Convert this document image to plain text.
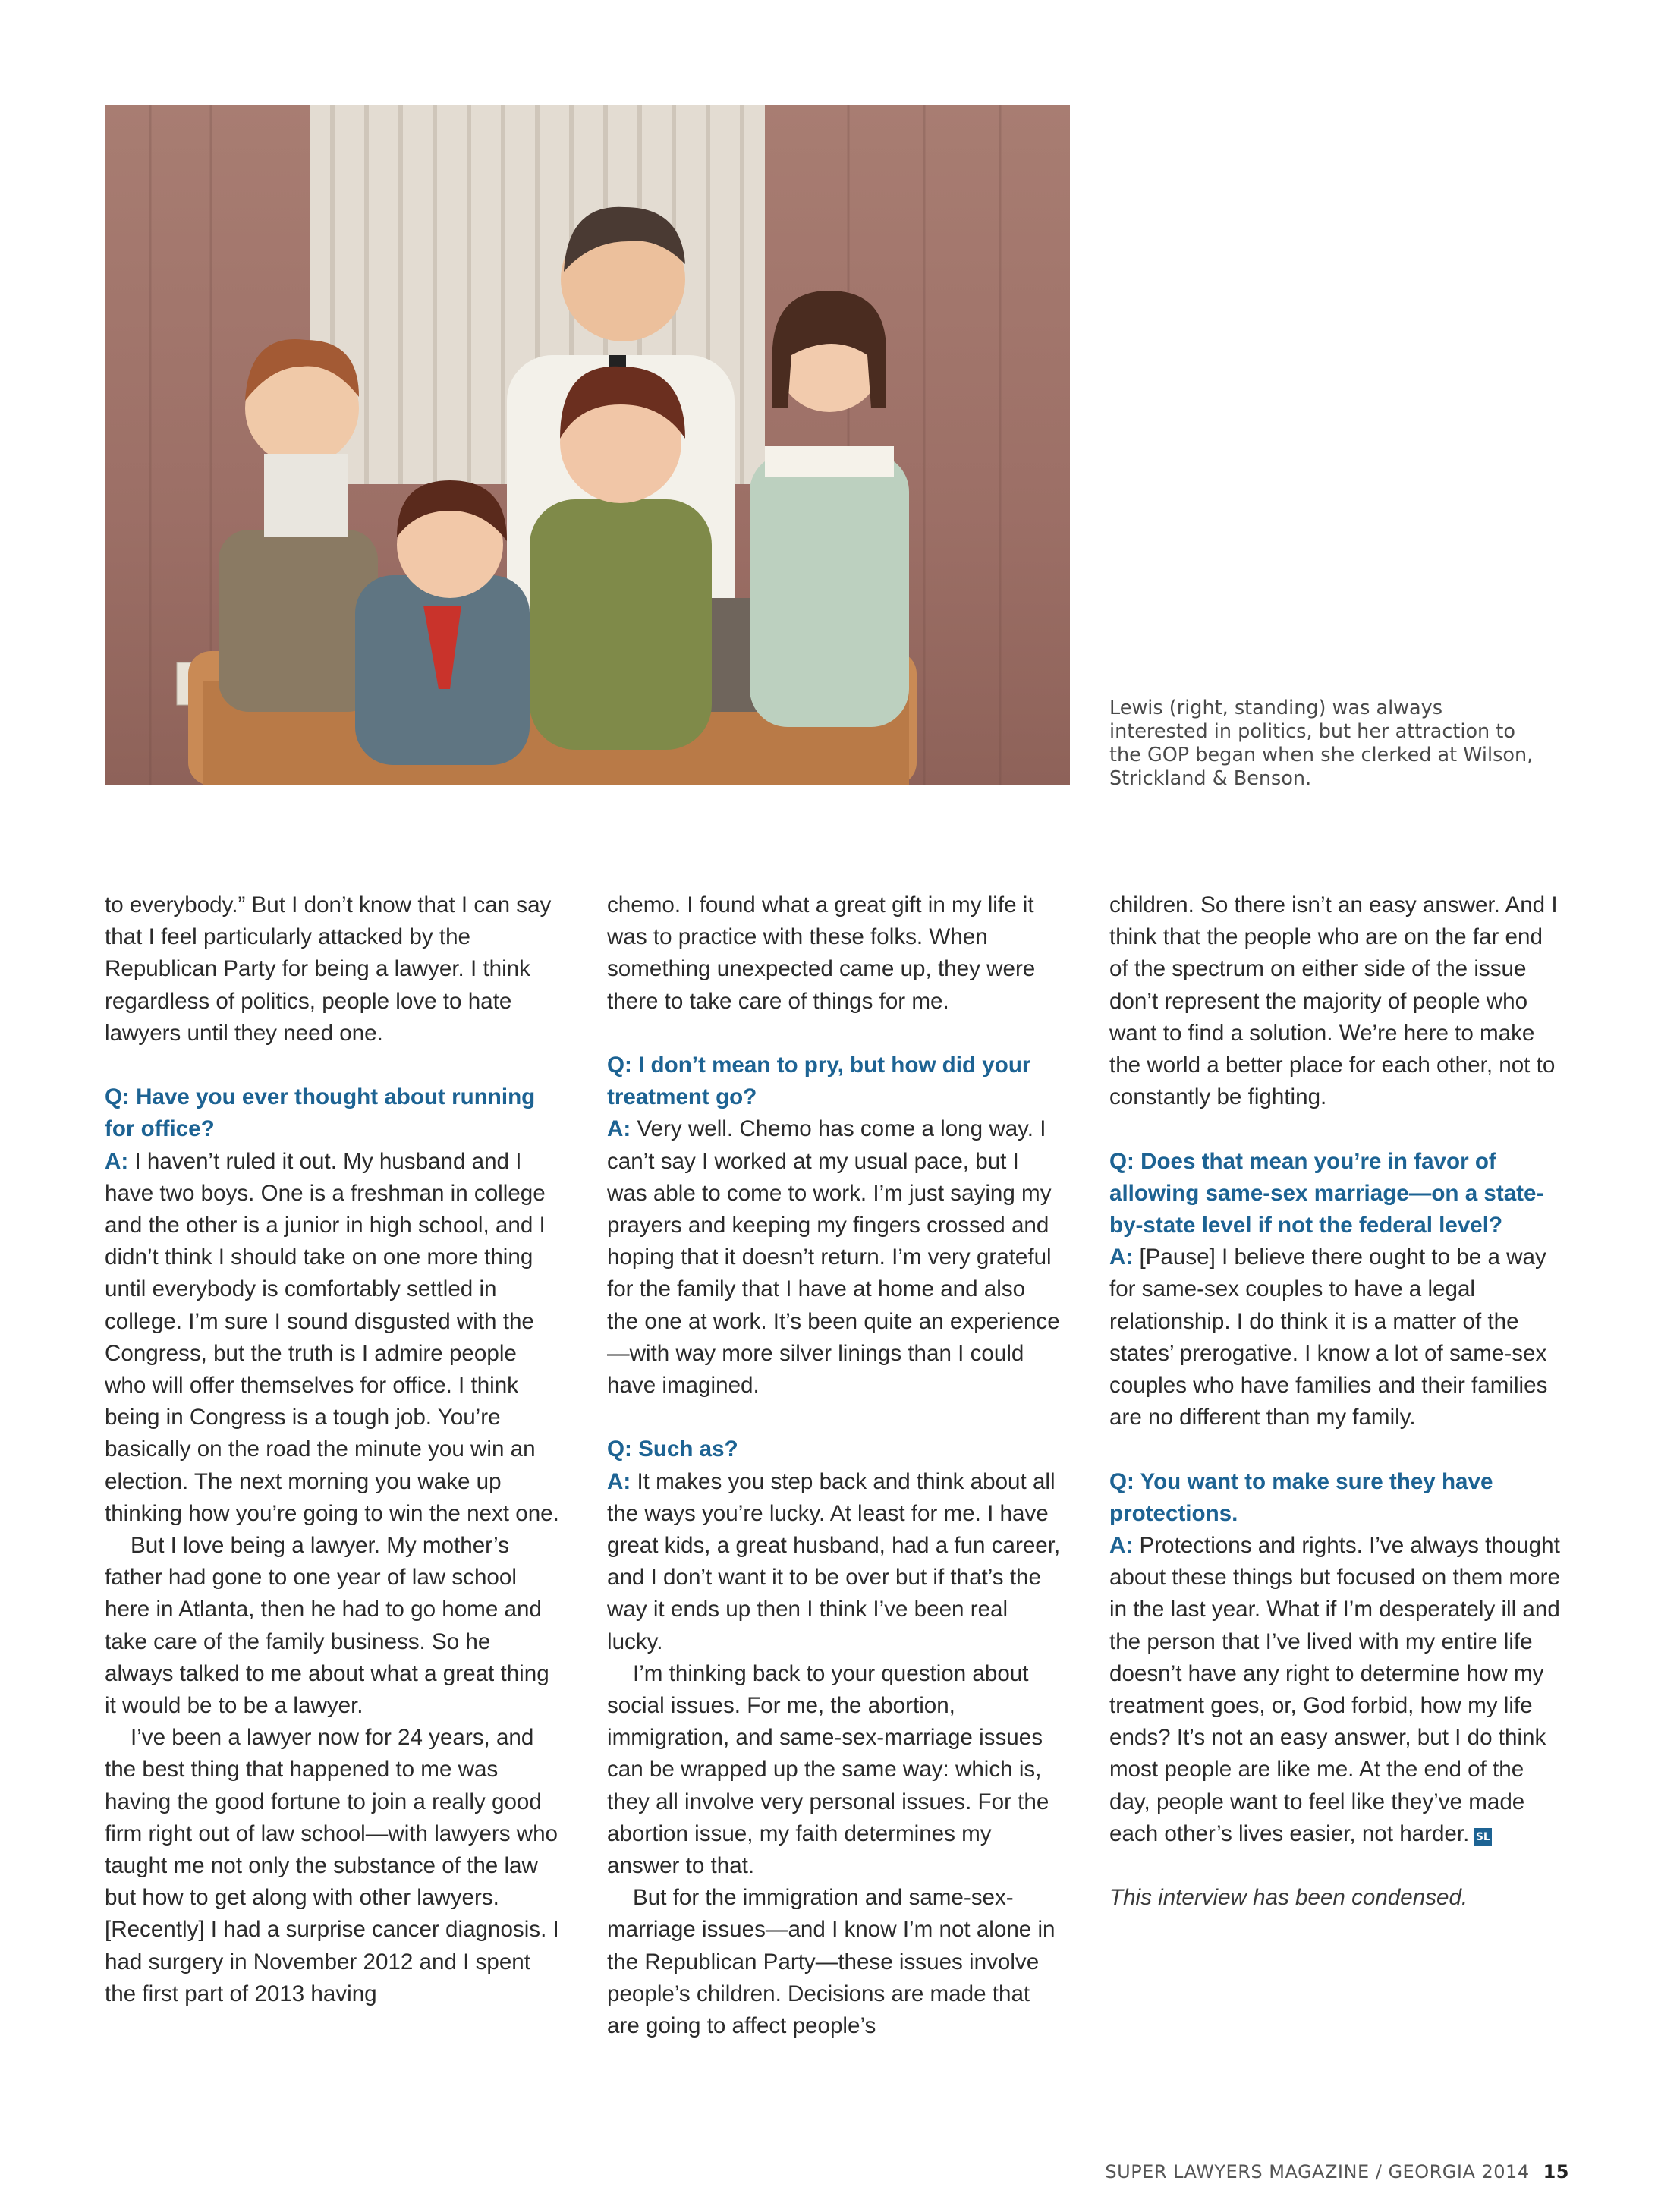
Lewis (right, standing) was always interested in politics, but her attraction to the GOP began when she clerked at Wilson, Strickland & Benson.

to everybody.” But I don’t know that I can say that I feel particularly attacked by the Republican Party for being a lawyer. I think regardless of politics, people love to hate lawyers until they need one.

Q: Have you ever thought about running for office?

A: I haven’t ruled it out. My husband and I have two boys. One is a freshman in college and the other is a junior in high school, and I didn’t think I should take on one more thing until everybody is comfortably settled in college. I’m sure I sound disgusted with the Congress, but the truth is I admire people who will offer themselves for office. I think being in Congress is a tough job. You’re basically on the road the minute you win an election. The next morning you wake up thinking how you’re going to win the next one.

But I love being a lawyer. My mother’s father had gone to one year of law school here in Atlanta, then he had to go home and take care of the family business. So he always talked to me about what a great thing it would be to be a lawyer.

I’ve been a lawyer now for 24 years, and the best thing that happened to me was having the good fortune to join a really good firm right out of law school—with lawyers who taught me not only the substance of the law but how to get along with other lawyers. [Recently] I had a surprise cancer diagnosis. I had surgery in November 2012 and I spent the first part of 2013 having

chemo. I found what a great gift in my life it was to practice with these folks. When something unexpected came up, they were there to take care of things for me.

Q: I don’t mean to pry, but how did your treatment go?

A: Very well. Chemo has come a long way. I can’t say I worked at my usual pace, but I was able to come to work. I’m just saying my prayers and keeping my fingers crossed and hoping that it doesn’t return. I’m very grateful for the family that I have at home and also the one at work. It’s been quite an experience—with way more silver linings than I could have imagined.

Q: Such as?

A: It makes you step back and think about all the ways you’re lucky. At least for me. I have great kids, a great husband, had a fun career, and I don’t want it to be over but if that’s the way it ends up then I think I’ve been real lucky.

I’m thinking back to your question about social issues. For me, the abortion, immigration, and same-sex-marriage issues can be wrapped up the same way: which is, they all involve very personal issues. For the abortion issue, my faith determines my answer to that.

But for the immigration and same-sex-marriage issues—and I know I’m not alone in the Republican Party—these issues involve people’s children. Decisions are made that are going to affect people’s

children. So there isn’t an easy answer. And I think that the people who are on the far end of the spectrum on either side of the issue don’t represent the majority of people who want to find a solution. We’re here to make the world a better place for each other, not to constantly be fighting.

Q: Does that mean you’re in favor of allowing same-sex marriage—on a state-by-state level if not the federal level?

A: [Pause] I believe there ought to be a way for same-sex couples to have a legal relationship. I do think it is a matter of the states’ prerogative. I know a lot of same-sex couples who have families and their families are no different than my family.

Q: You want to make sure they have protections.

A: Protections and rights. I’ve always thought about these things but focused on them more in the last year. What if I’m desperately ill and the person that I’ve lived with my entire life doesn’t have any right to determine how my treatment goes, or, God forbid, how my life ends? It’s not an easy answer, but I do think most people are like me. At the end of the day, people want to feel like they’ve made each other’s lives easier, not harder. SL

This interview has been condensed.

SUPER LAWYERS MAGAZINE / GEORGIA 2014 15
